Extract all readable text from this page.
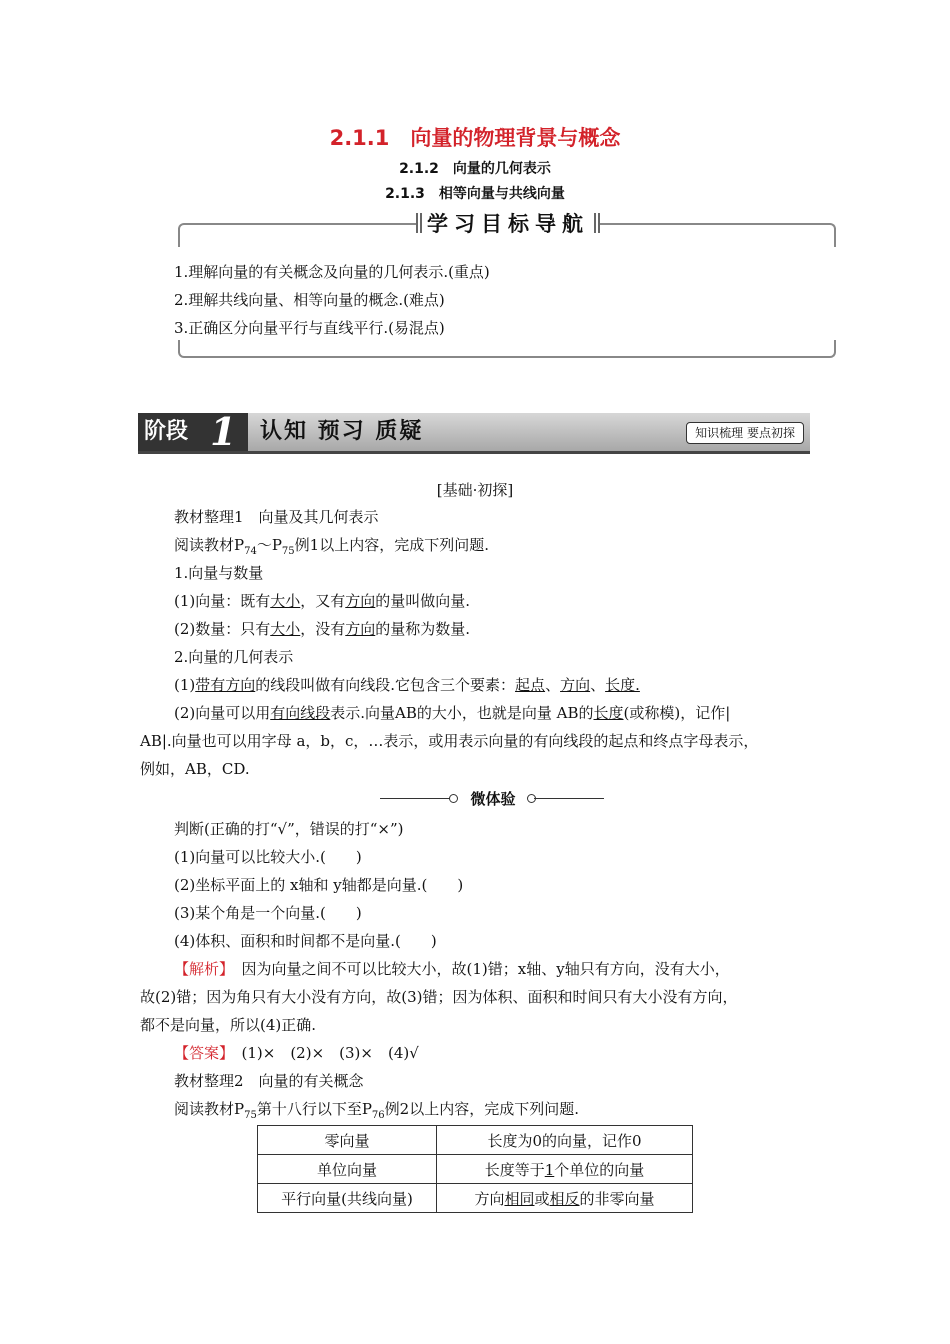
2.1.1　向量的物理背景与概念
2.1.2　向量的几何表示
2.1.3　相等向量与共线向量
学习目标导航
1.理解向量的有关概念及向量的几何表示.(重点)
2.理解共线向量、相等向量的概念.(难点)
3.正确区分向量平行与直线平行.(易混点)
阶段 1 认知 预习 质疑	知识梳理 要点初探
[基础·初探]
教材整理1　向量及其几何表示
阅读教材$P_{74}\sim P_{75}$例1以上内容，完成下列问题.
1.向量与数量
(1)向量：既有大小，又有方向的量叫做向量.
(2)数量：只有大小，没有方向的量称为数量.
2.向量的几何表示
(1)带有方向的线段叫做有向线段.它包含三个要素：起点、方向、长度.
(2)向量可以用有向线段表示.向量AB的大小，也就是向量 AB的长度(或称模)，记作|
AB|.向量也可以用字母 a，b，c，…表示，或用表示向量的有向线段的起点和终点字母表示，
例如，AB，CD.
微体验
判断(正确的打“√”，错误的打“×”)
(1)向量可以比较大小.(　　)
(2)坐标平面上的 x轴和 y轴都是向量.(　　)
(3)某个角是一个向量.(　　)
(4)体积、面积和时间都不是向量.(　　)
【解析】　因为向量之间不可以比较大小，故(1)错；x轴、y轴只有方向，没有大小，
故(2)错；因为角只有大小没有方向，故(3)错；因为体积、面积和时间只有大小没有方向，
都不是向量，所以(4)正确.
【答案】　(1)×　(2)×　(3)×　(4)√
教材整理2　向量的有关概念
阅读教材$P_{75}$第十八行以下至$P_{76}$例2以上内容，完成下列问题.
零向量	长度为0的向量，记作0
单位向量	长度等于1个单位的向量
平行向量(共线向量)	方向相同或相反的非零向量
